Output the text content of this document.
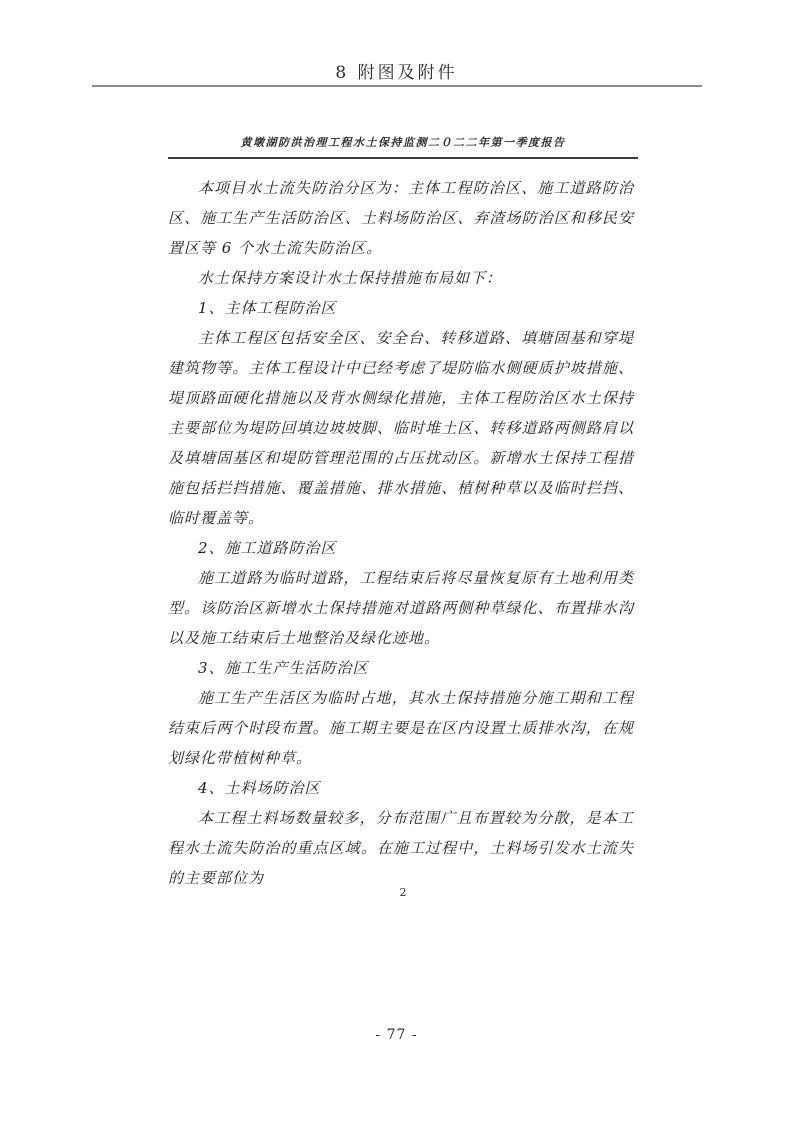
8 附图及附件
黄墩湖防洪治理工程水土保持监测二０二二年第一季度报告

本项目水土流失防治分区为：主体工程防治区、施工道路防治区、施工生产生活防治区、土料场防治区、弃渣场防治区和移民安置区等 6 个水土流失防治区。

水土保持方案设计水土保持措施布局如下：

1、主体工程防治区

主体工程区包括安全区、安全台、转移道路、填塘固基和穿堤建筑物等。主体工程设计中已经考虑了堤防临水侧硬质护坡措施、堤顶路面硬化措施以及背水侧绿化措施，主体工程防治区水土保持主要部位为堤防回填边坡坡脚、临时堆土区、转移道路两侧路肩以及填塘固基区和堤防管理范围的占压扰动区。新增水土保持工程措施包括拦挡措施、覆盖措施、排水措施、植树种草以及临时拦挡、临时覆盖等。

2、施工道路防治区

施工道路为临时道路，工程结束后将尽量恢复原有土地利用类型。该防治区新增水土保持措施对道路两侧种草绿化、布置排水沟以及施工结束后土地整治及绿化迹地。

3、施工生产生活防治区

施工生产生活区为临时占地，其水土保持措施分施工期和工程结束后两个时段布置。施工期主要是在区内设置土质排水沟，在规划绿化带植树种草。

4、土料场防治区

本工程土料场数量较多，分布范围广且布置较为分散，是本工程水土流失防治的重点区域。在施工过程中，土料场引发水土流失的主要部位为

2
- 77 -
